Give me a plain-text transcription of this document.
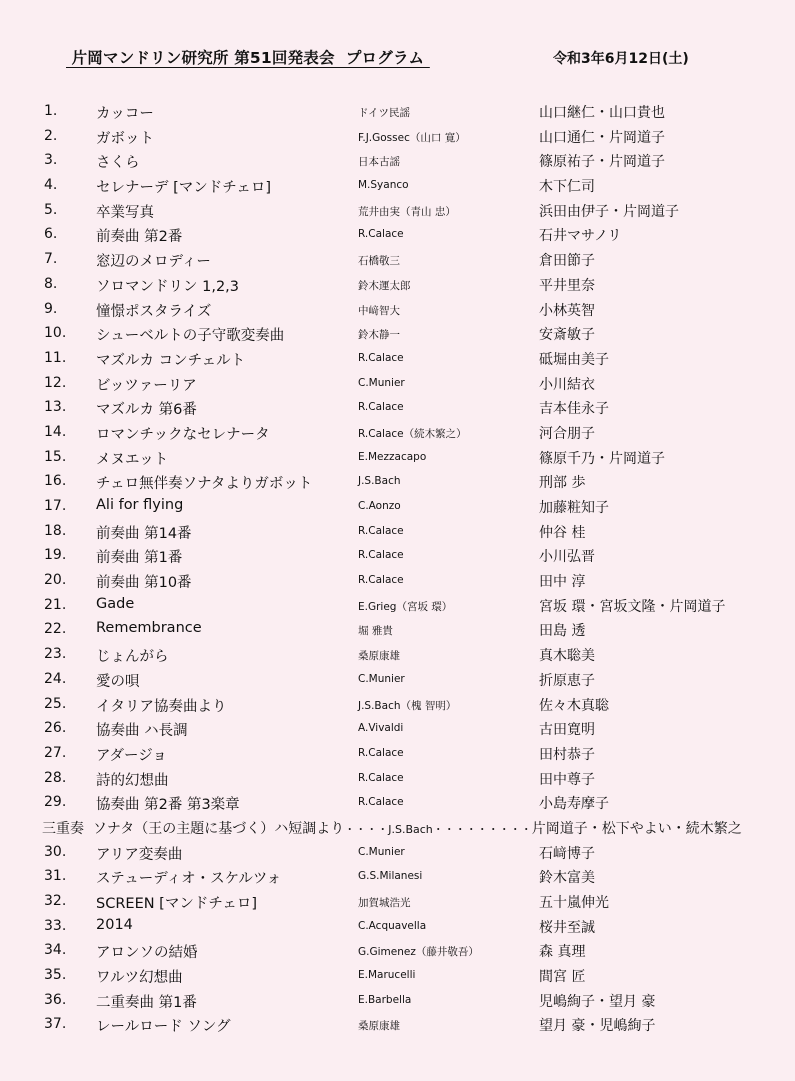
片岡マンドリン研究所 第51回発表会  プログラム	令和3年6月12日(土)
1.	カッコー	ドイツ民謡	山口継仁・山口貴也
2.	ガボット	F.J.Gossec（山口 寛）	山口通仁・片岡道子
3.	さくら	日本古謡	篠原祐子・片岡道子
4.	セレナーデ [マンドチェロ]	M.Syanco	木下仁司
5.	卒業写真	荒井由実（青山 忠）	浜田由伊子・片岡道子
6.	前奏曲 第2番	R.Calace	石井マサノリ
7.	窓辺のメロディー	石橋敬三	倉田節子
8.	ソロマンドリン 1,2,3	鈴木運太郎	平井里奈
9.	憧憬ポスタライズ	中﨑智大	小林英智
10. シューベルトの子守歌変奏曲	鈴木静一	安斎敏子
11. マズルカ コンチェルト	R.Calace	砥堀由美子
12. ビッツァーリア	C.Munier	小川結衣
13. マズルカ 第6番	R.Calace	吉本佳永子
14. ロマンチックなセレナータ	R.Calace（続木繁之）	河合朋子
15. メヌエット	E.Mezzacapo	篠原千乃・片岡道子
16. チェロ無伴奏ソナタよりガボット	J.S.Bach	刑部 歩
17. Ali for flying	C.Aonzo	加藤粧知子
18. 前奏曲 第14番	R.Calace	仲谷 桂
19. 前奏曲 第1番	R.Calace	小川弘晋
20. 前奏曲 第10番	R.Calace	田中 淳
21. Gade	E.Grieg（宮坂 環）	宮坂 環・宮坂文隆・片岡道子
22. Remembrance	堀 雅貴	田島 透
23. じょんがら	桑原康雄	真木聡美
24. 愛の唄	C.Munier	折原恵子
25. イタリア協奏曲より	J.S.Bach（槐 智明）	佐々木真聡
26. 協奏曲 ハ長調	A.Vivaldi	古田寛明
27. アダージョ	R.Calace	田村恭子
28. 詩的幻想曲	R.Calace	田中尊子
29. 協奏曲 第2番 第3楽章	R.Calace	小島寿摩子
三重奏 ソナタ（王の主題に基づく）ハ短調より・・・・J.S.Bach・・・・・・・・・片岡道子・松下やよい・続木繁之
30. アリア変奏曲	C.Munier	石﨑博子
31. ステューディオ・スケルツォ	G.S.Milanesi	鈴木富美
32. SCREEN [マンドチェロ]	加賀城浩光	五十嵐伸光
33. 2014	C.Acquavella	桜井至誠
34. アロンソの結婚	G.Gimenez（藤井敬吾）	森 真理
35. ワルツ幻想曲	E.Marucelli	間宮 匠
36. 二重奏曲 第1番	E.Barbella	児嶋絢子・望月 豪
37. レールロード ソング	桑原康雄	望月 豪・児嶋絢子
